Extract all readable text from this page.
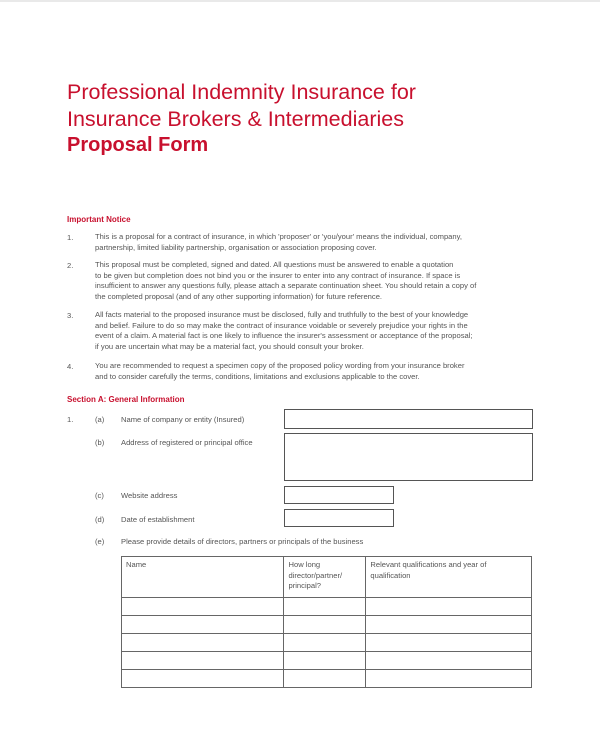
Professional Indemnity Insurance for
Insurance Brokers & Intermediaries
Proposal Form
Important Notice
1.	This is a proposal for a contract of insurance, in which 'proposer' or 'you/your' means the individual, company,
partnership, limited liability partnership, organisation or association proposing cover.
2.	This proposal must be completed, signed and dated. All questions must be answered to enable a quotation
to be given but completion does not bind you or the insurer to enter into any contract of insurance. If space is
insufficient to answer any questions fully, please attach a separate continuation sheet. You should retain a copy of
the completed proposal (and of any other supporting information) for future reference.
3.	All facts material to the proposed insurance must be disclosed, fully and truthfully to the best of your knowledge
and belief. Failure to do so may make the contract of insurance voidable or severely prejudice your rights in the
event of a claim. A material fact is one likely to influence the insurer's assessment or acceptance of the proposal;
if you are uncertain what may be a material fact, you should consult your broker.
4.	You are recommended to request a specimen copy of the proposed policy wording from your insurance broker
and to consider carefully the terms, conditions, limitations and exclusions applicable to the cover.
Section A: General Information
1.	(a) Name of company or entity (Insured)
(b) Address of registered or principal office
(c) Website address
(d) Date of establishment
(e) Please provide details of directors, partners or principals of the business
Name	How long director/partner/ principal?	Relevant qualifications and year of qualification
